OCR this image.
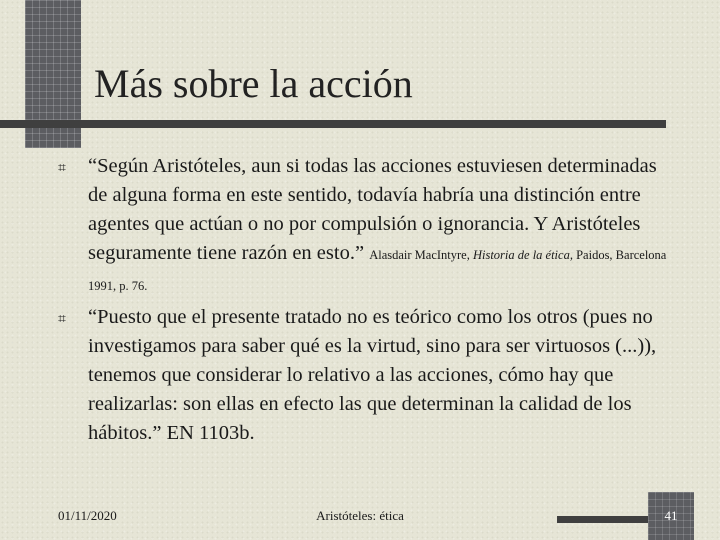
Más sobre la acción
⌗ “Según Aristóteles, aun si todas las acciones estuviesen determinadas de alguna forma en este sentido, todavía habría una distinción entre agentes que actúan o no por compulsión o ignorancia. Y Aristóteles seguramente tiene razón en esto.” Alasdair MacIntyre, Historia de la ética, Paidos, Barcelona 1991, p. 76.
⌗ “Puesto que el presente tratado no es teórico como los otros (pues no investigamos para saber qué es la virtud, sino para ser virtuosos (...)), tenemos que considerar lo relativo a las acciones, cómo hay que realizarlas: son ellas en efecto las que determinan la calidad de los hábitos.” EN 1103b.
01/11/2020	Aristóteles: ética	41
